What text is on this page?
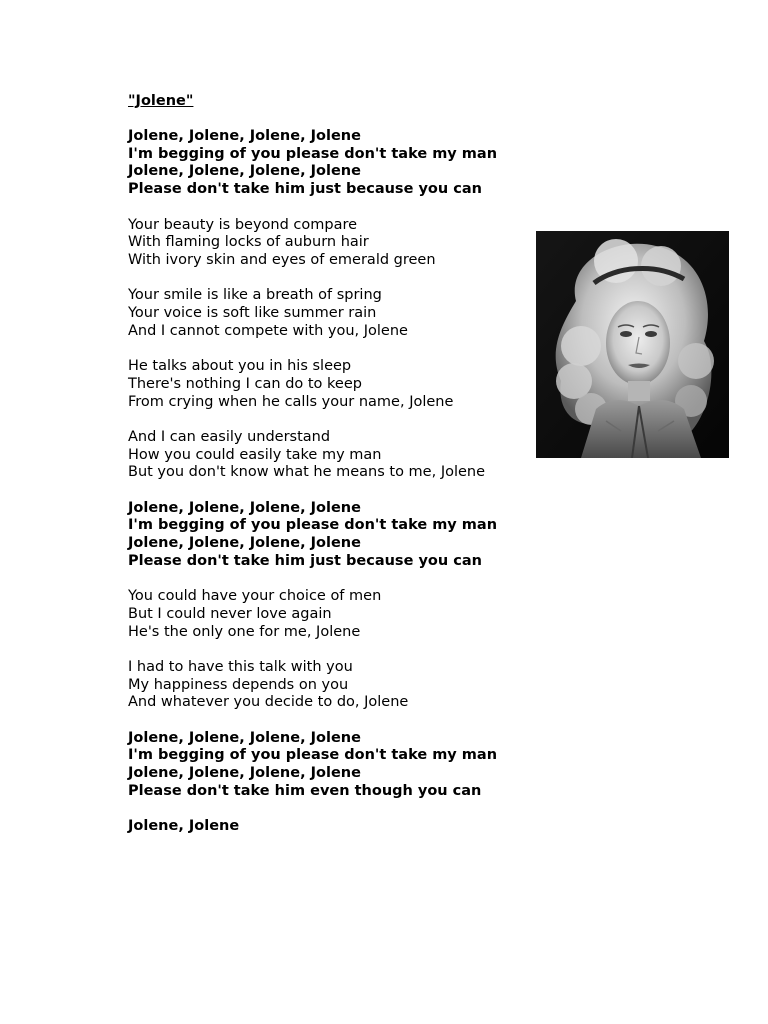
"Jolene"
Jolene, Jolene, Jolene, Jolene
I'm begging of you please don't take my man
Jolene, Jolene, Jolene, Jolene
Please don't take him just because you can
Your beauty is beyond compare
With flaming locks of auburn hair
With ivory skin and eyes of emerald green
Your smile is like a breath of spring
Your voice is soft like summer rain
And I cannot compete with you, Jolene
He talks about you in his sleep
There's nothing I can do to keep
From crying when he calls your name, Jolene
And I can easily understand
How you could easily take my man
But you don't know what he means to me, Jolene
Jolene, Jolene, Jolene, Jolene
I'm begging of you please don't take my man
Jolene, Jolene, Jolene, Jolene
Please don't take him just because you can
You could have your choice of men
But I could never love again
He's the only one for me, Jolene
I had to have this talk with you
My happiness depends on you
And whatever you decide to do, Jolene
Jolene, Jolene, Jolene, Jolene
I'm begging of you please don't take my man
Jolene, Jolene, Jolene, Jolene
Please don't take him even though you can
Jolene, Jolene
